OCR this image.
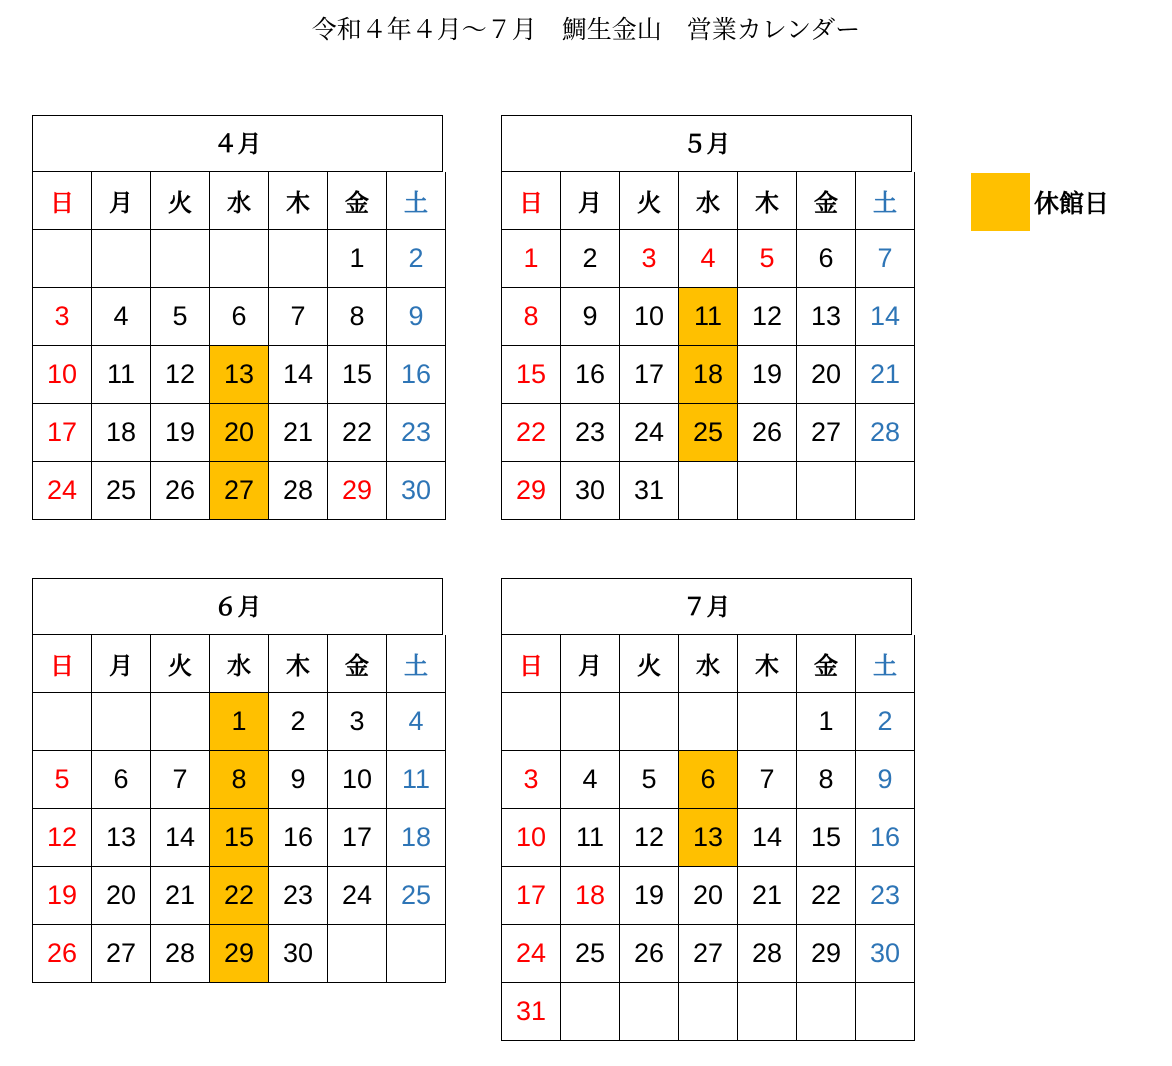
令和４年４月～７月　鯛生金山　営業カレンダー
４月
日	月	火	水	木	金	土
					1	2
3	4	5	6	7	8	9
10	11	12	13	14	15	16
17	18	19	20	21	22	23
24	25	26	27	28	29	30
５月
日	月	火	水	木	金	土
1	2	3	4	5	6	7
8	9	10	11	12	13	14
15	16	17	18	19	20	21
22	23	24	25	26	27	28
29	30	31				
６月
日	月	火	水	木	金	土
			1	2	3	4
5	6	7	8	9	10	11
12	13	14	15	16	17	18
19	20	21	22	23	24	25
26	27	28	29	30		
７月
日	月	火	水	木	金	土
					1	2
3	4	5	6	7	8	9
10	11	12	13	14	15	16
17	18	19	20	21	22	23
24	25	26	27	28	29	30
31						
休館日
